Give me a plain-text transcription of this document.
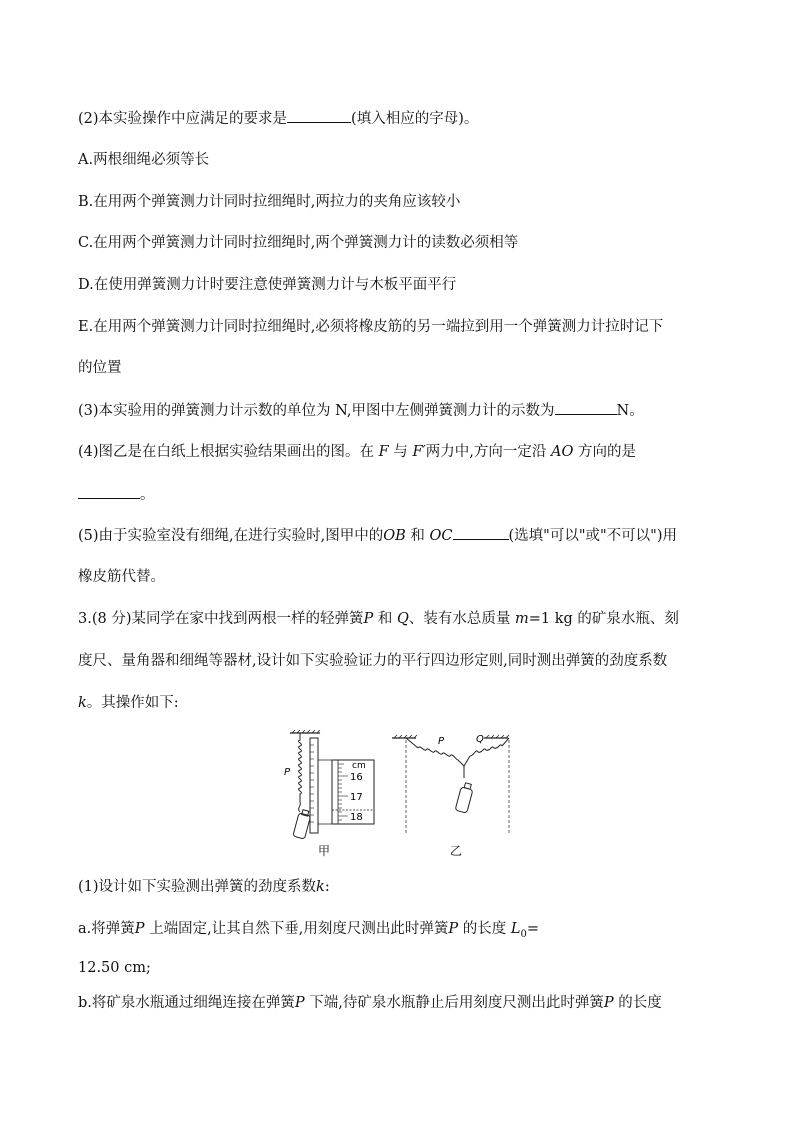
(2)本实验操作中应满足的要求是	(填入相应的字母)。
A.两根细绳必须等长
B.在用两个弹簧测力计同时拉细绳时,两拉力的夹角应该较小
C.在用两个弹簧测力计同时拉细绳时,两个弹簧测力计的读数必须相等
D.在使用弹簧测力计时要注意使弹簧测力计与木板平面平行
E.在用两个弹簧测力计同时拉细绳时,必须将橡皮筋的另一端拉到用一个弹簧测力计拉时记下
的位置
(3)本实验用的弹簧测力计示数的单位为 N,甲图中左侧弹簧测力计的示数为	N。
(4)图乙是在白纸上根据实验结果画出的图。在 F 与 F′两力中,方向一定沿 AO 方向的是
。
(5)由于实验室没有细绳,在进行实验时,图甲中的OB 和 OC	(选填"可以"或"不可以")用
橡皮筋代替。
3.(8 分)某同学在家中找到两根一样的轻弹簧P 和 Q、装有水总质量 m=1 kg 的矿泉水瓶、刻
度尺、量角器和细绳等器材,设计如下实验验证力的平行四边形定则,同时测出弹簧的劲度系数
k。其操作如下:
P
cm
16
17
18
P	Q
甲	乙
(1)设计如下实验测出弹簧的劲度系数k:
a.将弹簧P 上端固定,让其自然下垂,用刻度尺测出此时弹簧P 的长度 $L_0=$
12.50 cm;
b.将矿泉水瓶通过细绳连接在弹簧P 下端,待矿泉水瓶静止后用刻度尺测出此时弹簧P 的长度
